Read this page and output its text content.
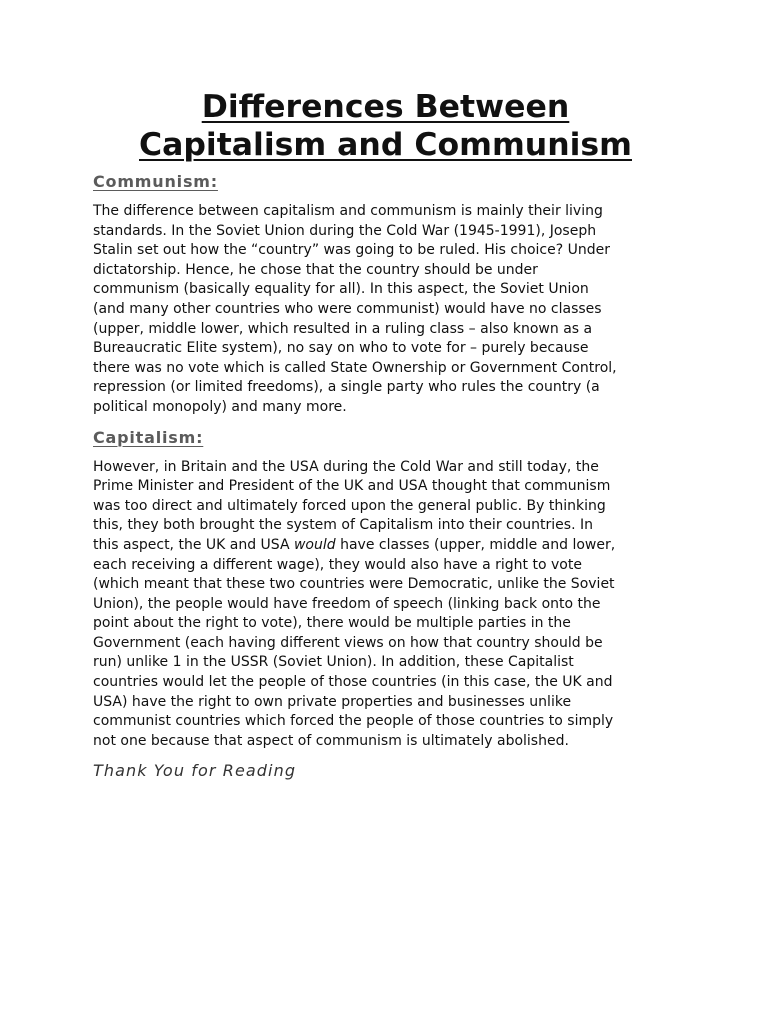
Differences Between
Capitalism and Communism
Communism:

The difference between capitalism and communism is mainly their living
standards. In the Soviet Union during the Cold War (1945-1991), Joseph
Stalin set out how the “country” was going to be ruled. His choice? Under
dictatorship. Hence, he chose that the country should be under
communism (basically equality for all). In this aspect, the Soviet Union
(and many other countries who were communist) would have no classes
(upper, middle lower, which resulted in a ruling class – also known as a
Bureaucratic Elite system), no say on who to vote for – purely because
there was no vote which is called State Ownership or Government Control,
repression (or limited freedoms), a single party who rules the country (a
political monopoly) and many more.

Capitalism:

However, in Britain and the USA during the Cold War and still today, the
Prime Minister and President of the UK and USA thought that communism
was too direct and ultimately forced upon the general public. By thinking
this, they both brought the system of Capitalism into their countries. In
this aspect, the UK and USA would have classes (upper, middle and lower,
each receiving a different wage), they would also have a right to vote
(which meant that these two countries were Democratic, unlike the Soviet
Union), the people would have freedom of speech (linking back onto the
point about the right to vote), there would be multiple parties in the
Government (each having different views on how that country should be
run) unlike 1 in the USSR (Soviet Union). In addition, these Capitalist
countries would let the people of those countries (in this case, the UK and
USA) have the right to own private properties and businesses unlike
communist countries which forced the people of those countries to simply
not one because that aspect of communism is ultimately abolished.

Thank You for Reading
